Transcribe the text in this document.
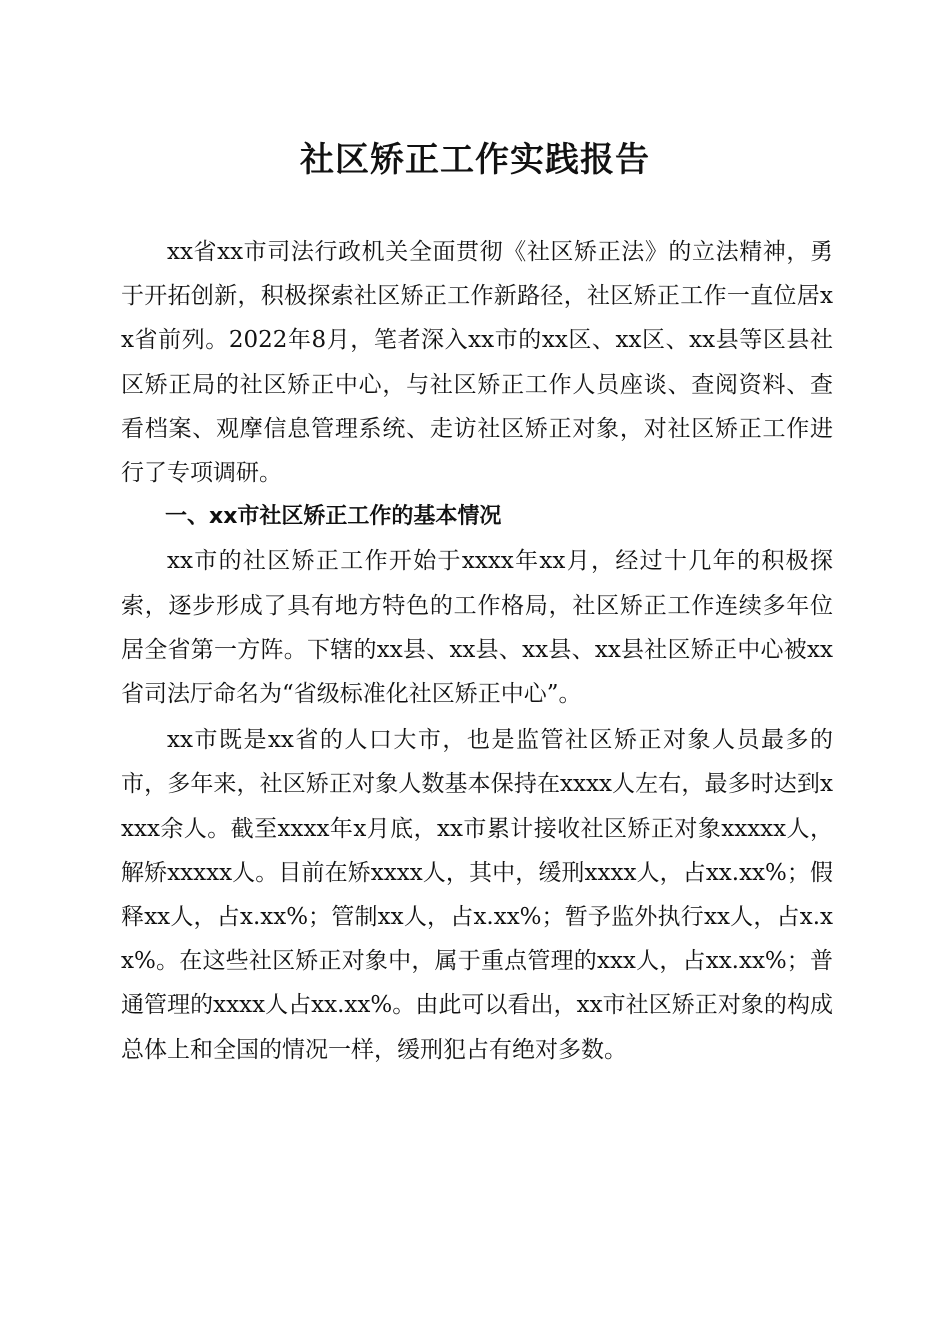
社区矫正工作实践报告

xx省xx市司法行政机关全面贯彻《社区矫正法》的立法精神，勇于开拓创新，积极探索社区矫正工作新路径，社区矫正工作一直位居xx省前列。2022年8月，笔者深入xx市的xx区、xx区、xx县等区县社区矫正局的社区矫正中心，与社区矫正工作人员座谈、查阅资料、查看档案、观摩信息管理系统、走访社区矫正对象，对社区矫正工作进行了专项调研。

一、xx市社区矫正工作的基本情况

xx市的社区矫正工作开始于xxxx年xx月，经过十几年的积极探索，逐步形成了具有地方特色的工作格局，社区矫正工作连续多年位居全省第一方阵。下辖的xx县、xx县、xx县、xx县社区矫正中心被xx省司法厅命名为“省级标准化社区矫正中心”。

xx市既是xx省的人口大市，也是监管社区矫正对象人员最多的市，多年来，社区矫正对象人数基本保持在xxxx人左右，最多时达到xxxx余人。截至xxxx年x月底，xx市累计接收社区矫正对象xxxxx人，解矫xxxxx人。目前在矫xxxx人，其中，缓刑xxxx人，占xx.xx%；假释xx人，占x.xx%；管制xx人，占x.xx%；暂予监外执行xx人，占x.xx%。在这些社区矫正对象中，属于重点管理的xxx人，占xx.xx%；普通管理的xxxx人占xx.xx%。由此可以看出，xx市社区矫正对象的构成总体上和全国的情况一样，缓刑犯占有绝对多数。
